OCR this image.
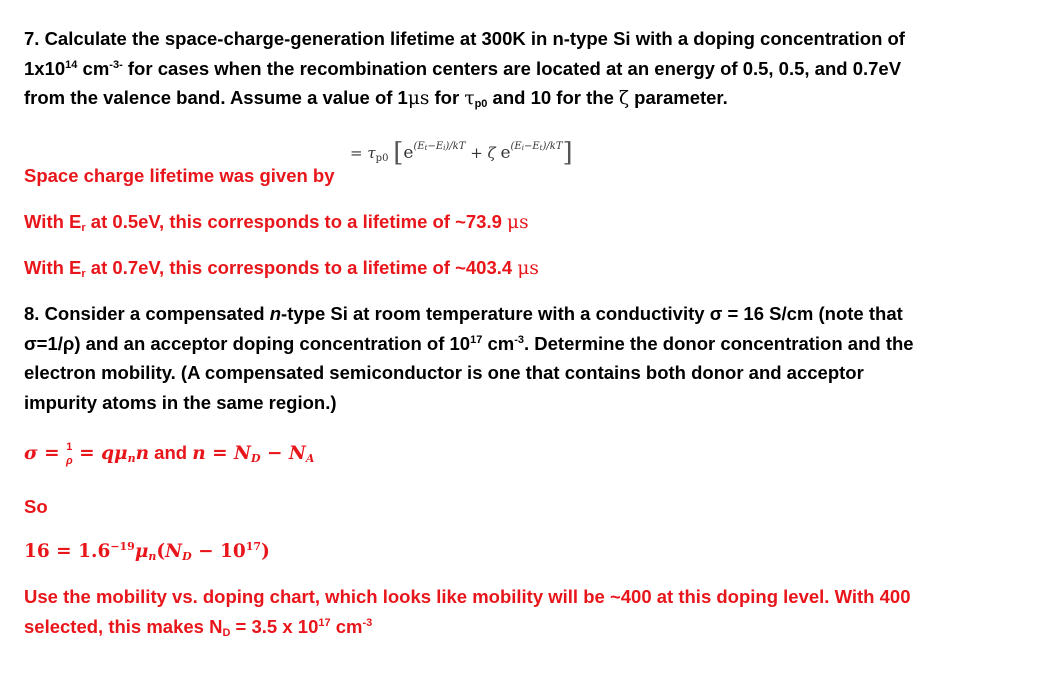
7. Calculate the space-charge-generation lifetime at 300K in n-type Si with a doping concentration of
$1x10^{14}$ $cm^{-3-}$ for cases when the recombination centers are located at an energy of 0.5, 0.5, and 0.7eV
from the valence band. Assume a value of 1μs for $\tau_{p0}$ and 10 for the ζ parameter.
= $\tau_{p0}$ [$e^{(E_t-E_i)/kT} + \zeta$ $e^{(E_i-E_t)/kT}$]
Space charge lifetime was given by
With $E_r$ at 0.5eV, this corresponds to a lifetime of ~73.9 μs
With $E_r$ at 0.7eV, this corresponds to a lifetime of ~403.4 μs
8. Consider a compensated n-type Si at room temperature with a conductivity σ = 16 S/cm (note that
σ=1/ρ) and an acceptor doping concentration of $10^{17}$ $cm^{-3}$. Determine the donor concentration and the
electron mobility. (A compensated semiconductor is one that contains both donor and acceptor
impurity atoms in the same region.)
σ = 1
$\rho = q\mu_nn$ and $n = N_D - N_A$
So
$16 = 1.6^{-19}\mu_n(N_D - 10^{17})$
Use the mobility vs. doping chart, which looks like mobility will be ~400 at this doping level. With 400
selected, this makes $N_D = 3.5$ x $10^{17}$ $cm^{-3}$
